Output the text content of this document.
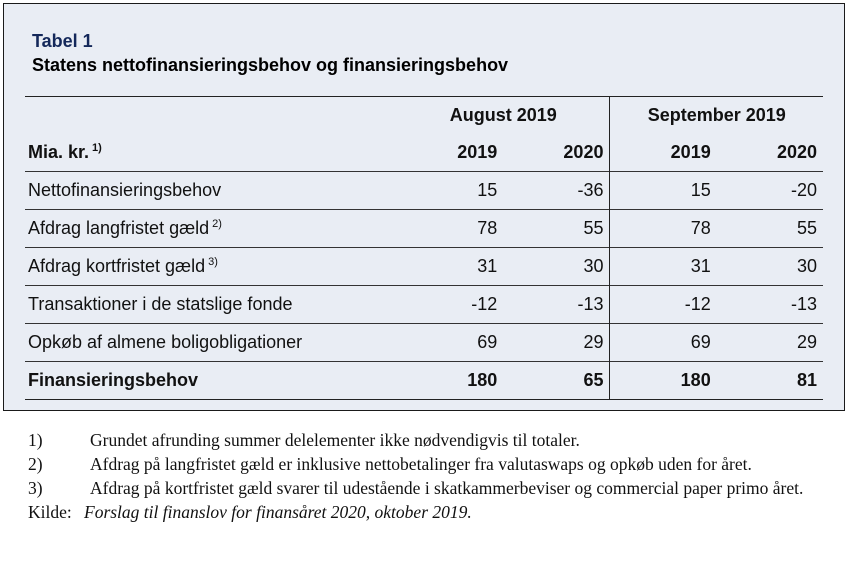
Tabel 1
Statens nettofinansieringsbehov og finansieringsbehov
	August 2019		September 2019	
Mia. kr. $^{1)}$	2019	2020	2019	2020
Nettofinansieringsbehov	15	-36	15	-20
Afdrag langfristet gæld $^{2)}$	78	55	78	55
Afdrag kortfristet gæld $^{3)}$	31	30	31	30
Transaktioner i de statslige fonde	-12	-13	-12	-13
Opkøb af almene boligobligationer	69	29	69	29
Finansieringsbehov	180	65	180	81
1)	Grundet afrunding summer delelementer ikke nødvendigvis til totaler.
2)	Afdrag på langfristet gæld er inklusive nettobetalinger fra valutaswaps og opkøb uden for året.
3)	Afdrag på kortfristet gæld svarer til udestående i skatkammerbeviser og commercial paper primo året.
Kilde: Forslag til finanslov for finansåret 2020, oktober 2019.
